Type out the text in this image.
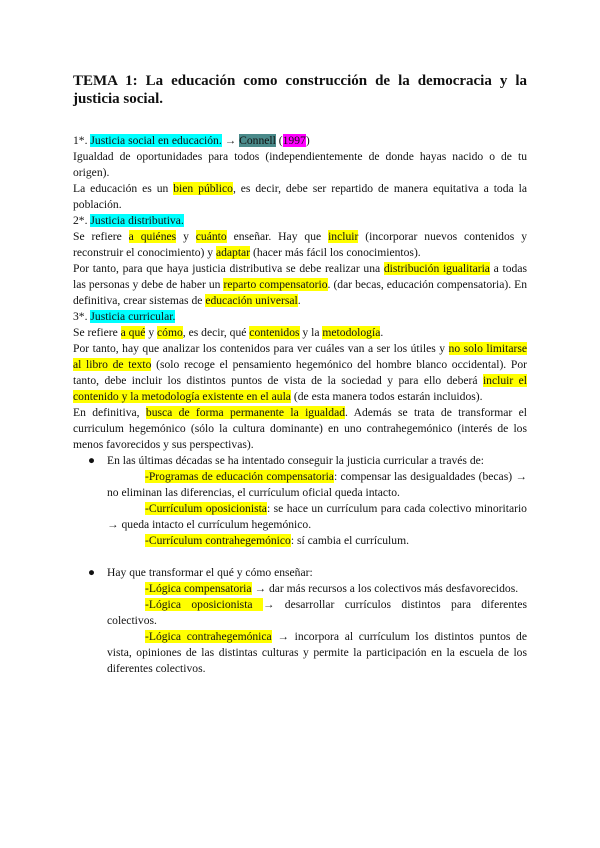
TEMA 1: La educación como construcción de la democracia y la justicia social.

1*. Justicia social en educación. → Connell (1997)

Igualdad de oportunidades para todos (independientemente de donde hayas nacido o de tu origen).

La educación es un bien público, es decir, debe ser repartido de manera equitativa a toda la población.

2*. Justicia distributiva.

Se refiere a quiénes y cuánto enseñar. Hay que incluir (incorporar nuevos contenidos y reconstruir el conocimiento) y adaptar (hacer más fácil los conocimientos).

Por tanto, para que haya justicia distributiva se debe realizar una distribución igualitaria a todas las personas y debe de haber un reparto compensatorio. (dar becas, educación compensatoria). En definitiva, crear sistemas de educación universal.

3*. Justicia curricular.

Se refiere a qué y cómo, es decir, qué contenidos y la metodología.

Por tanto, hay que analizar los contenidos para ver cuáles van a ser los útiles y no solo limitarse al libro de texto (solo recoge el pensamiento hegemónico del hombre blanco occidental). Por tanto, debe incluir los distintos puntos de vista de la sociedad y para ello deberá incluir el contenido y la metodología existente en el aula (de esta manera todos estarán incluidos).

En definitiva, busca de forma permanente la igualdad. Además se trata de transformar el curriculum hegemónico (sólo la cultura dominante) en uno contrahegemónico (interés de los menos favorecidos y sus perspectivas).

● En las últimas décadas se ha intentado conseguir la justicia curricular a través de:
-Programas de educación compensatoria: compensar las desigualdades (becas) → no eliminan las diferencias, el currículum oficial queda intacto.
-Currículum oposicionista: se hace un currículum para cada colectivo minoritario → queda intacto el currículum hegemónico.
-Currículum contrahegemónico: sí cambia el currículum.
● Hay que transformar el qué y cómo enseñar:
-Lógica compensatoria → dar más recursos a los colectivos más desfavorecidos.
-Lógica oposicionista → desarrollar currículos distintos para diferentes colectivos.
-Lógica contrahegemónica → incorpora al currículum los distintos puntos de vista, opiniones de las distintas culturas y permite la participación en la escuela de los diferentes colectivos.
